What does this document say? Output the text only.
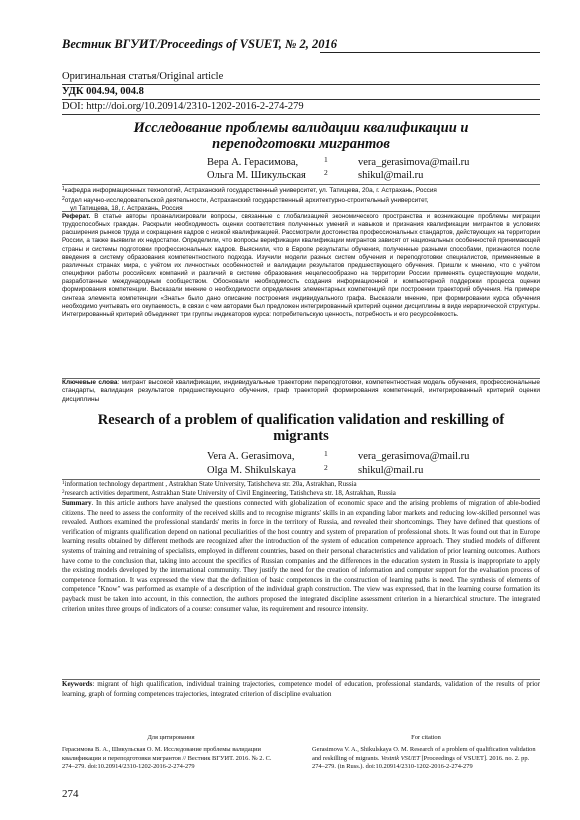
Вестник ВГУИТ/Proceedings of VSUET, № 2, 2016
Оригинальная статья/Original article
УДК 004.94, 004.8
DOI: http://doi.org/10.20914/2310-1202-2016-2-274-279
Исследование проблемы валидации квалификации и
переподготовки мигрантов
Вера А. Герасимова,	1	vera_gerasimova@mail.ru
Ольга М. Шикульская 2	shikul@mail.ru
$^1$кафедра информационных технологий, Астраханский государственный университет, ул. Татищева, 20а, г. Астрахань, Россия
$^2$отдел научно-исследовательской деятельности, Астраханский государственный архитектурно-строительный университет,
ул Татищева, 18, г. Астрахань, Россия
Реферат. В статье авторы проанализировали вопросы, связанные с глобализацией экономического пространства и возникающие проблемы миграции трудоспособных граждан. Раскрыли необходимость оценки соответствия полученных умений и навыков и признания квалификации мигрантов в условиях расширения рынков труда и сокращения кадров с низкой квалификацией. Рассмотрели достоинства профессиональных стандартов, действующих на территории России, а также выявили их недостатки. Определили, что вопросы верификации квалификации мигрантов зависят от национальных особенностей принимающей страны и системы подготовки профессиональных кадров. Выяснили, что в Европе результаты обучения, полученные разными способами, признаются после введения в систему образования компетентностного подхода. Изучили модели разных систем обучения и переподготовки специалистов, применяемые в различных странах мира, с учётом их личностных особенностей и валидации результатов предшествующего обучения. Пришли к мнению, что с учётом специфики работы российских компаний и различий в системе образования нецелесообразно на территории России применять существующие модели, разработанные международным сообществом. Обосновали необходимость создания информационной и компьютерной поддержки процесса оценки формирования компетенции. Высказали мнение о необходимости определения элементарных компетенций при построении траекторий обучения. На примере синтеза элемента компетенции «Знать» было дано описание построения индивидуального графа. Высказали мнение, при формировании курса обучения необходимо учитывать его окупаемость, в связи с чем авторами был предложен интегрированный критерий оценки дисциплины в виде иерархической структуры. Интегрированный критерий объединяет три группы индикаторов курса: потребительскую ценность, потребность и его ресурсоёмкость.
Ключевые слова: мигрант высокой квалификации, индивидуальные траектории переподготовки, компетентностная модель обучения, профессиональные стандарты, валидация результатов предшествующего обучения, граф траекторий формирования компетенций, интегрированный критерий оценки дисциплины
Research of a problem of qualification validation and reskilling of
migrants
Vera A. Gerasimova,	1	vera_gerasimova@mail.ru
Olga M. Shikulskaya	2	shikul@mail.ru
$^1$information technology department , Astrakhan State University, Tatishcheva str. 20a, Astrakhan, Russia
$^2$research activities department, Astrakhan State University of Civil Engineering, Tatishcheva str. 18, Astrakhan, Russia
Summary. In this article authors have analysed the questions connected with globalization of economic space and the arising problems of migration of able-bodied citizens. The need to assess the conformity of the received skills and to recognise migrants' skills in an expanding labor markets and reducing low-skilled personnel was revealed. Authors examined the professional standards' merits in force in the territory of Russia, and revealed their shortcomings. They have defined that questions of verification of migrants qualification depend on national peculiarities of the host country and system of preparation of professional shots. It was found out that in Europe learning results obtained by different methods are recognized after the introduction of the system of education competence approach. They studied models of different systems of training and retraining of specialists, employed in different countries, based on their personal characteristics and validation of prior learning outcomes. Authors have come to the conclusion that, taking into account the specifics of Russian companies and the differences in the education system in Russia is inappropriate to apply the existing models developed by the international community. They justify the need for the creation of information and computer support for the evaluation process of competence formation. It was expressed the view that the definition of basic competences in the construction of learning paths is need. The synthesis of elements of competence "Know" was performed as example of a description of the individual graph construction. The view was expressed, that in the learning course formation its payback must be taken into account, in this connection, the authors proposed the integrated discipline assessment criterion in a hierarchical structure. The integrated criterion unites three groups of indicators of a course: consumer value, its requirement and resource intensity.
Keywords: migrant of high qualification, individual training trajectories, competence model of education, professional standards, validation of the results of prior learning, graph of forming competences trajectories, integrated criterion of discipline evaluation
Для цитирования
Герасимова В. А., Шикульская О. М. Исследование проблемы валидации квалификации и переподготовки мигрантов // Вестник ВГУИТ. 2016. № 2. С. 274–279. doi:10.20914/2310-1202-2016-2-274-279
For citation
Gerasimova V. A., Shikulskaya O. M. Research of a problem of qualification validation and reskilling of migrants. Vestnik VSUET [Proceedings of VSUET]. 2016. no. 2. pp. 274–279. (in Russ.). doi:10.20914/2310-1202-2016-2-274-279
274
